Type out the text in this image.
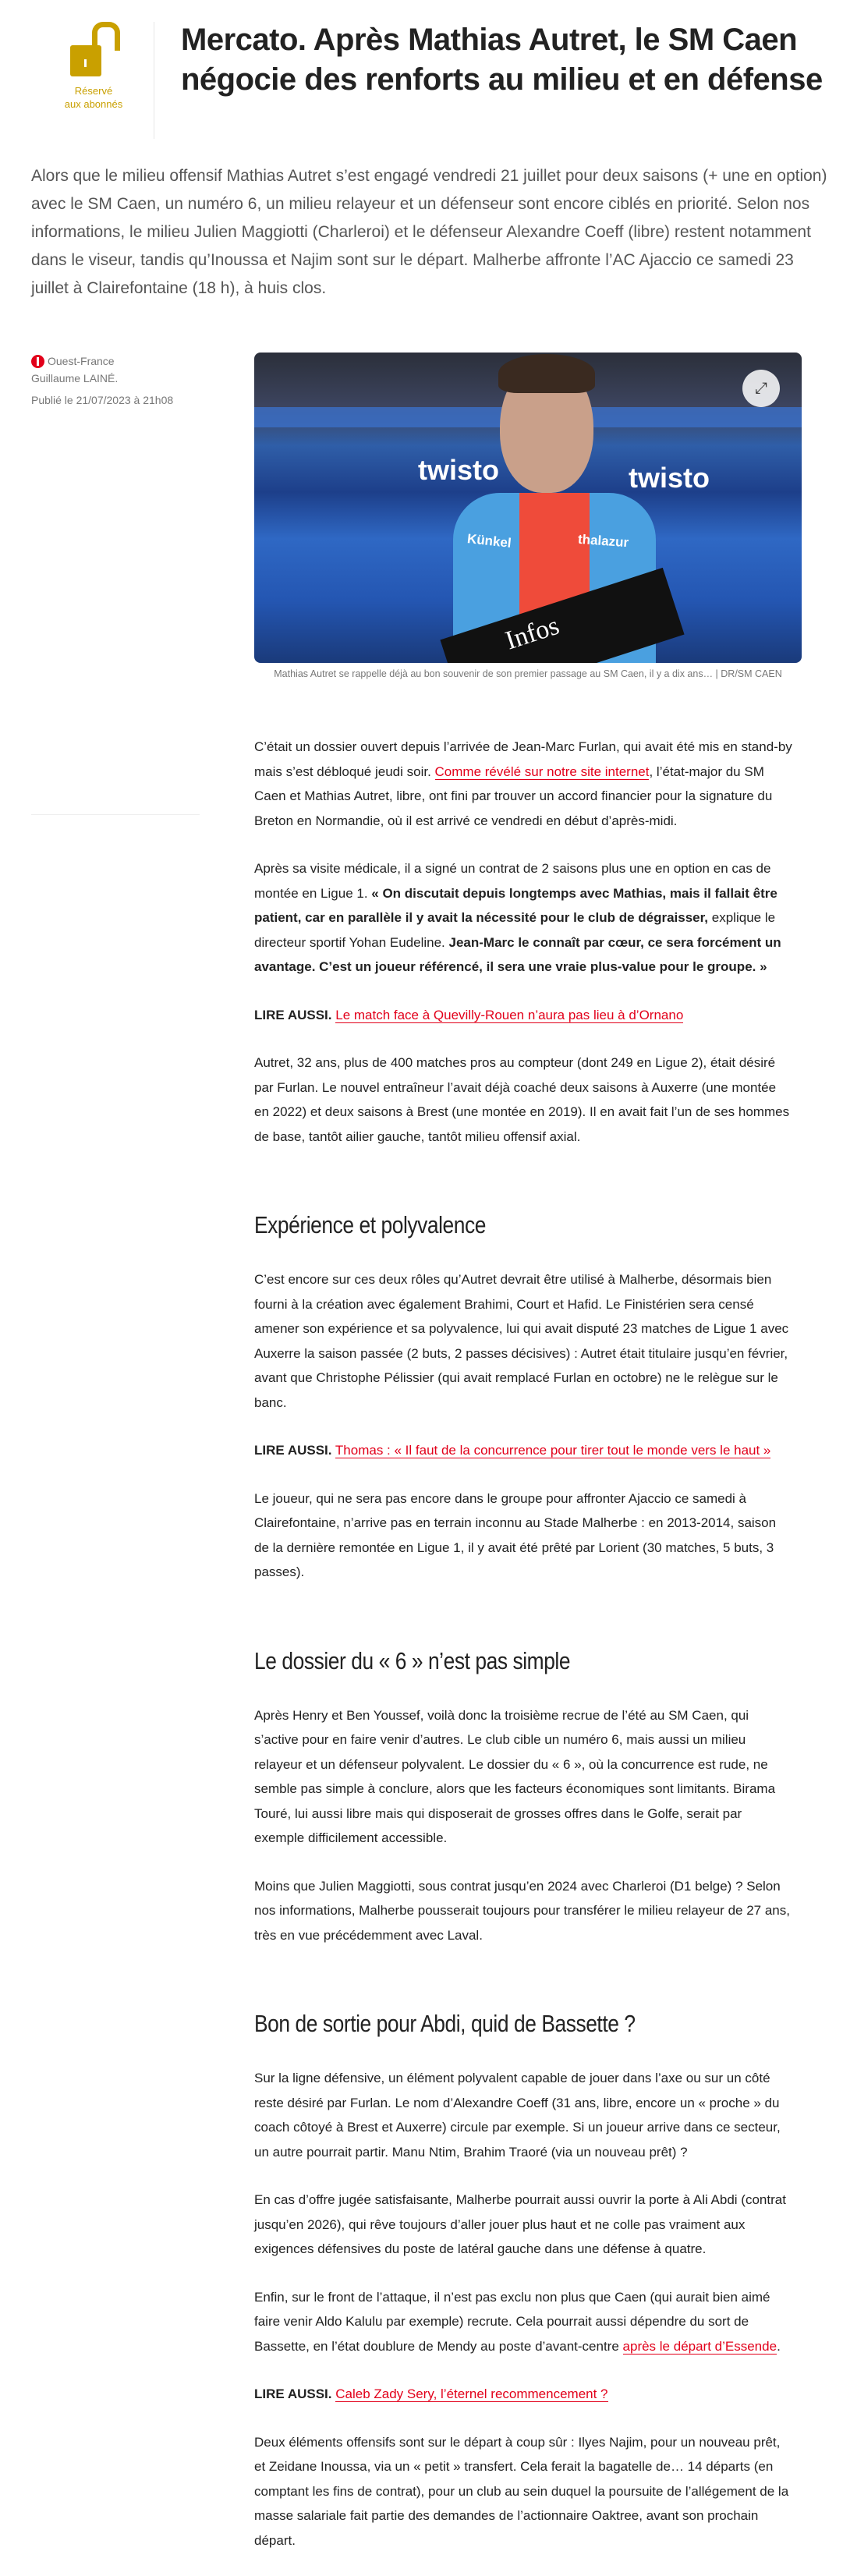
Réservé
aux abonnés
Mercato. Après Mathias Autret, le SM Caen négocie des renforts au milieu et en défense

Alors que le milieu offensif Mathias Autret s’est engagé vendredi 21 juillet pour deux saisons (+ une en option) avec le SM Caen, un numéro 6, un milieu relayeur et un défenseur sont encore ciblés en priorité. Selon nos informations, le milieu Julien Maggiotti (Charleroi) et le défenseur Alexandre Coeff (libre) restent notamment dans le viseur, tandis qu’Inoussa et Najim sont sur le départ. Malherbe affronte l’AC Ajaccio ce samedi 23 juillet à Clairefontaine (18 h), à huis clos.

Ouest-France
Guillaume LAINÉ.
Publié le 21/07/2023 à 21h08
twisto	twisto
Künkel	thalazur
Infos
⤢
Mathias Autret se rappelle déjà au bon souvenir de son premier passage au SM Caen, il y a dix ans… | DR/SM CAEN

C’était un dossier ouvert depuis l’arrivée de Jean-Marc Furlan, qui avait été mis en stand-by mais s’est débloqué jeudi soir. Comme révélé sur notre site internet, l’état-major du SM Caen et Mathias Autret, libre, ont fini par trouver un accord financier pour la signature du Breton en Normandie, où il est arrivé ce vendredi en début d’après-midi.

Après sa visite médicale, il a signé un contrat de 2 saisons plus une en option en cas de montée en Ligue 1. « On discutait depuis longtemps avec Mathias, mais il fallait être patient, car en parallèle il y avait la nécessité pour le club de dégraisser, explique le directeur sportif Yohan Eudeline. Jean-Marc le connaît par cœur, ce sera forcément un avantage. C’est un joueur référencé, il sera une vraie plus-value pour le groupe. »

LIRE AUSSI. Le match face à Quevilly-Rouen n’aura pas lieu à d’Ornano

Autret, 32 ans, plus de 400 matches pros au compteur (dont 249 en Ligue 2), était désiré par Furlan. Le nouvel entraîneur l’avait déjà coaché deux saisons à Auxerre (une montée en 2022) et deux saisons à Brest (une montée en 2019). Il en avait fait l’un de ses hommes de base, tantôt ailier gauche, tantôt milieu offensif axial.

Expérience et polyvalence

C’est encore sur ces deux rôles qu’Autret devrait être utilisé à Malherbe, désormais bien fourni à la création avec également Brahimi, Court et Hafid. Le Finistérien sera censé amener son expérience et sa polyvalence, lui qui avait disputé 23 matches de Ligue 1 avec Auxerre la saison passée (2 buts, 2 passes décisives) : Autret était titulaire jusqu’en février, avant que Christophe Pélissier (qui avait remplacé Furlan en octobre) ne le relègue sur le banc.

LIRE AUSSI. Thomas : « Il faut de la concurrence pour tirer tout le monde vers le haut »

Le joueur, qui ne sera pas encore dans le groupe pour affronter Ajaccio ce samedi à Clairefontaine, n’arrive pas en terrain inconnu au Stade Malherbe : en 2013-2014, saison de la dernière remontée en Ligue 1, il y avait été prêté par Lorient (30 matches, 5 buts, 3 passes).

Le dossier du « 6 » n’est pas simple

Après Henry et Ben Youssef, voilà donc la troisième recrue de l’été au SM Caen, qui s’active pour en faire venir d’autres. Le club cible un numéro 6, mais aussi un milieu relayeur et un défenseur polyvalent. Le dossier du « 6 », où la concurrence est rude, ne semble pas simple à conclure, alors que les facteurs économiques sont limitants. Birama Touré, lui aussi libre mais qui disposerait de grosses offres dans le Golfe, serait par exemple difficilement accessible.

Moins que Julien Maggiotti, sous contrat jusqu’en 2024 avec Charleroi (D1 belge) ? Selon nos informations, Malherbe pousserait toujours pour transférer le milieu relayeur de 27 ans, très en vue précédemment avec Laval.

Bon de sortie pour Abdi, quid de Bassette ?

Sur la ligne défensive, un élément polyvalent capable de jouer dans l’axe ou sur un côté reste désiré par Furlan. Le nom d’Alexandre Coeff (31 ans, libre, encore un « proche » du coach côtoyé à Brest et Auxerre) circule par exemple. Si un joueur arrive dans ce secteur, un autre pourrait partir. Manu Ntim, Brahim Traoré (via un nouveau prêt) ?

En cas d’offre jugée satisfaisante, Malherbe pourrait aussi ouvrir la porte à Ali Abdi (contrat jusqu’en 2026), qui rêve toujours d’aller jouer plus haut et ne colle pas vraiment aux exigences défensives du poste de latéral gauche dans une défense à quatre.

Enfin, sur le front de l’attaque, il n’est pas exclu non plus que Caen (qui aurait bien aimé faire venir Aldo Kalulu par exemple) recrute. Cela pourrait aussi dépendre du sort de Bassette, en l’état doublure de Mendy au poste d’avant-centre après le départ d’Essende.

LIRE AUSSI. Caleb Zady Sery, l’éternel recommencement ?

Deux éléments offensifs sont sur le départ à coup sûr : Ilyes Najim, pour un nouveau prêt, et Zeidane Inoussa, via un « petit » transfert. Cela ferait la bagatelle de… 14 départs (en comptant les fins de contrat), pour un club au sein duquel la poursuite de l’allégement de la masse salariale fait partie des demandes de l’actionnaire Oaktree, avant son prochain départ.
